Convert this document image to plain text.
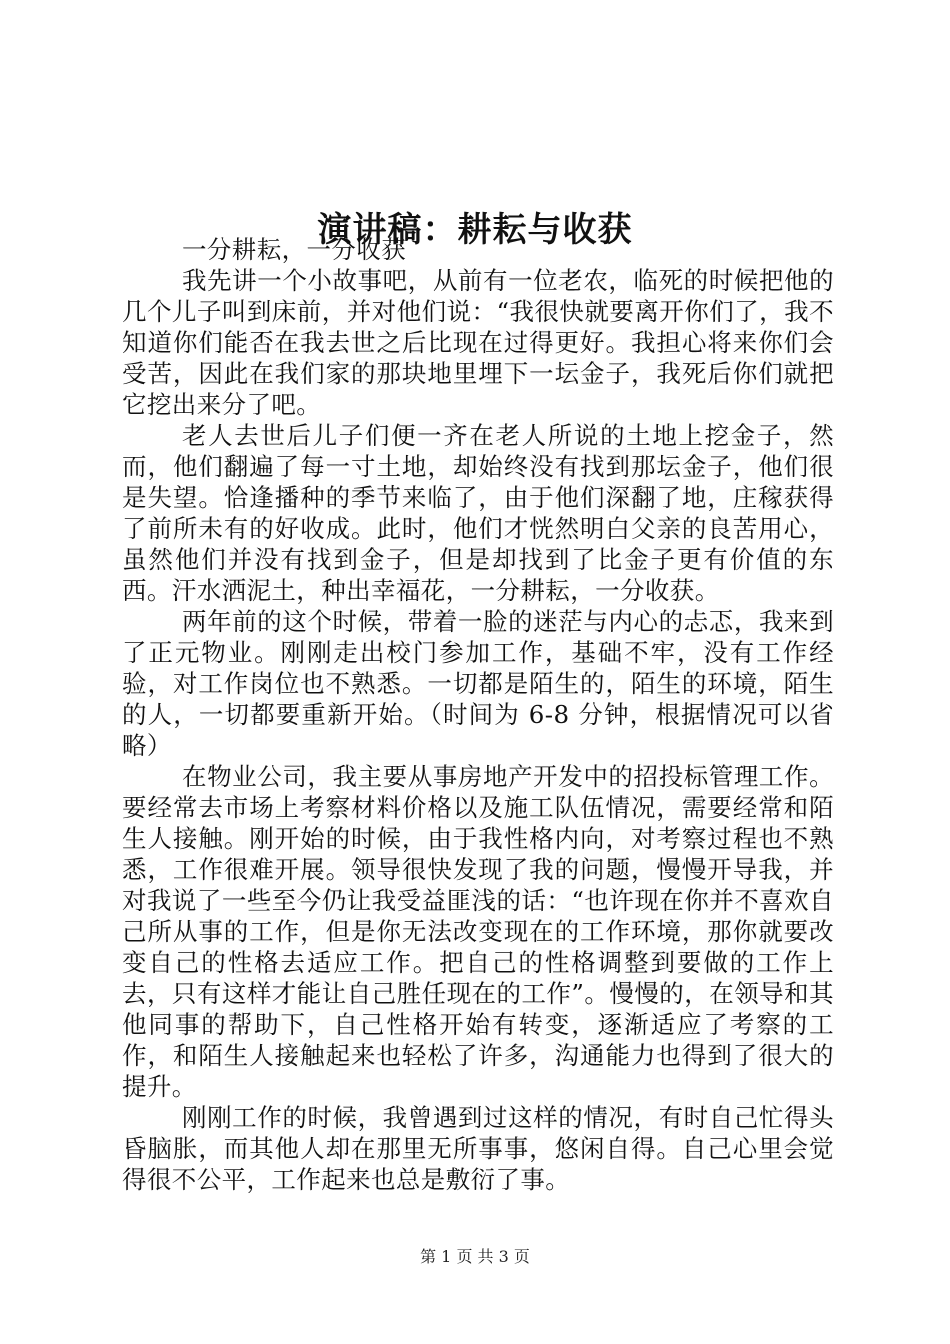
演讲稿：耕耘与收获

一分耕耘，一分收获

我先讲一个小故事吧，从前有一位老农，临死的时候把他的几个儿子叫到床前，并对他们说：“我很快就要离开你们了，我不知道你们能否在我去世之后比现在过得更好。我担心将来你们会受苦，因此在我们家的那块地里埋下一坛金子，我死后你们就把它挖出来分了吧。

老人去世后儿子们便一齐在老人所说的土地上挖金子，然而，他们翻遍了每一寸土地，却始终没有找到那坛金子，他们很是失望。恰逢播种的季节来临了，由于他们深翻了地，庄稼获得了前所未有的好收成。此时，他们才恍然明白父亲的良苦用心，虽然他们并没有找到金子，但是却找到了比金子更有价值的东西。汗水洒泥土，种出幸福花，一分耕耘，一分收获。

两年前的这个时候，带着一脸的迷茫与内心的忐忑，我来到了正元物业。刚刚走出校门参加工作，基础不牢，没有工作经验，对工作岗位也不熟悉。一切都是陌生的，陌生的环境，陌生的人，一切都要重新开始。（时间为 6-8 分钟，根据情况可以省略）

在物业公司，我主要从事房地产开发中的招投标管理工作。要经常去市场上考察材料价格以及施工队伍情况，需要经常和陌生人接触。刚开始的时候，由于我性格内向，对考察过程也不熟悉，工作很难开展。领导很快发现了我的问题，慢慢开导我，并对我说了一些至今仍让我受益匪浅的话：“也许现在你并不喜欢自己所从事的工作，但是你无法改变现在的工作环境，那你就要改变自己的性格去适应工作。把自己的性格调整到要做的工作上去，只有这样才能让自己胜任现在的工作”。慢慢的，在领导和其他同事的帮助下，自己性格开始有转变，逐渐适应了考察的工作，和陌生人接触起来也轻松了许多，沟通能力也得到了很大的提升。

刚刚工作的时候，我曾遇到过这样的情况，有时自己忙得头昏脑胀，而其他人却在那里无所事事，悠闲自得。自己心里会觉得很不公平，工作起来也总是敷衍了事。

第 1 页 共 3 页
